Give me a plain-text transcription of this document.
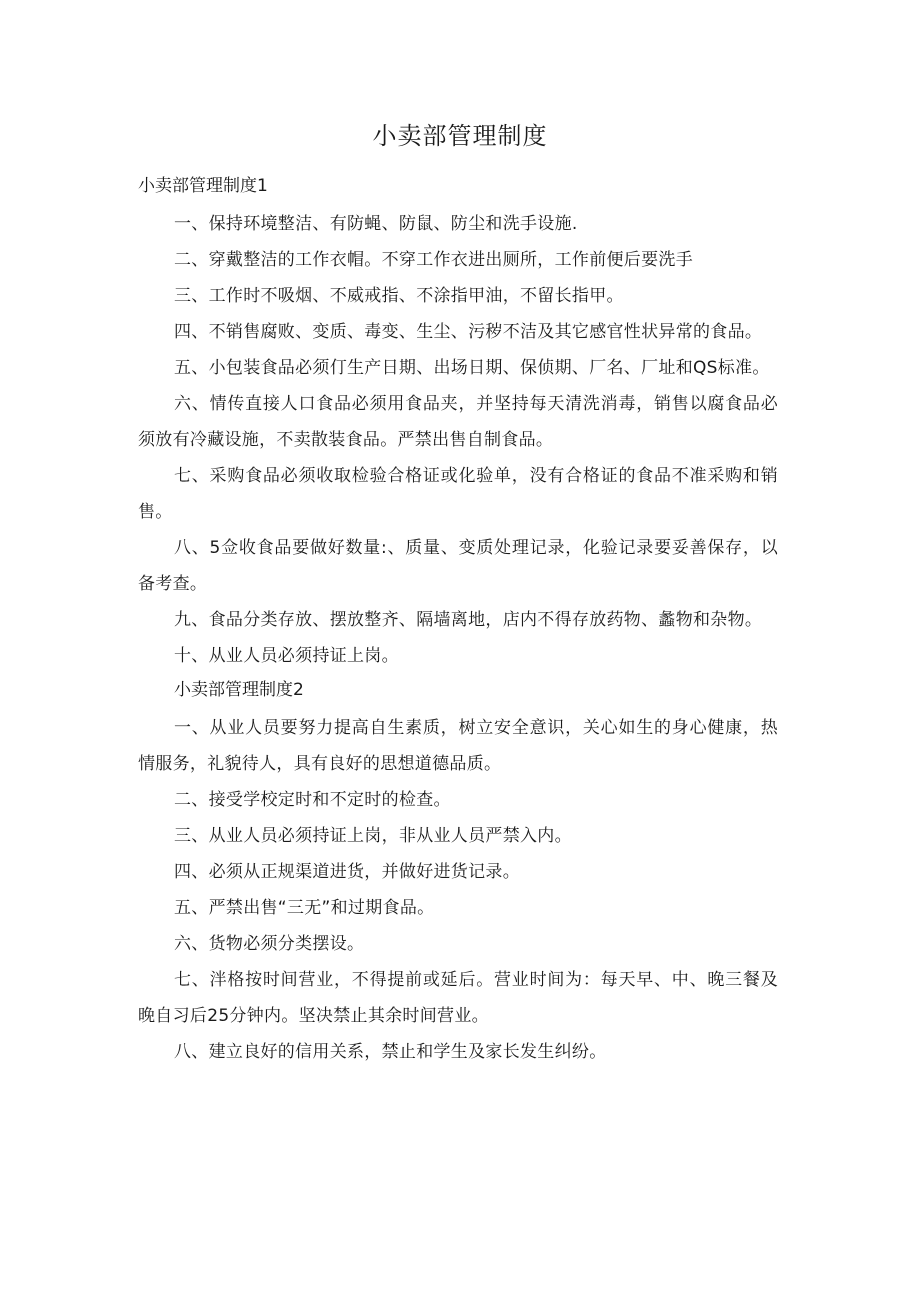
小卖部管理制度
小卖部管理制度1

一、保持环境整洁、有防蝇、防鼠、防尘和洗手设施.

二、穿戴整洁的工作衣帽。不穿工作衣进出厕所，工作前便后要洗手

三、工作时不吸烟、不威戒指、不涂指甲油，不留长指甲。

四、不销售腐败、变质、毒变、生尘、污秽不洁及其它感官性状异常的食品。

五、小包装食品必须仃生产日期、出场日期、保侦期、厂名、厂址和QS标准。

六、情传直接人口食品必须用食品夹，并坚持每天清洗消毒，销售以腐食品必须放有冷藏设施，不卖散装食品。严禁出售自制食品。

七、采购食品必须收取检验合格证或化验单，没有合格证的食品不准采购和销售。

八、5佥收食品要做好数量:、质量、变质处理记录，化验记录要妥善保存，以备考查。

九、食品分类存放、摆放整齐、隔墙离地，店内不得存放药物、蠡物和杂物。

十、从业人员必须持证上岗。

小卖部管理制度2

一、从业人员要努力提高自生素质，树立安全意识，关心如生的身心健康，热情服务，礼貌待人，具有良好的思想道德品质。

二、接受学校定时和不定时的检查。

三、从业人员必须持证上岗，非从业人员严禁入内。

四、必须从正规渠道进货，并做好进货记录。

五、严禁出售“三无”和过期食品。

六、货物必须分类摆设。

七、泮格按时间营业，不得提前或延后。营业时间为：每天早、中、晚三餐及晚自习后25分钟内。坚决禁止其余时间营业。

八、建立良好的信用关系，禁止和学生及家长发生纠纷。
